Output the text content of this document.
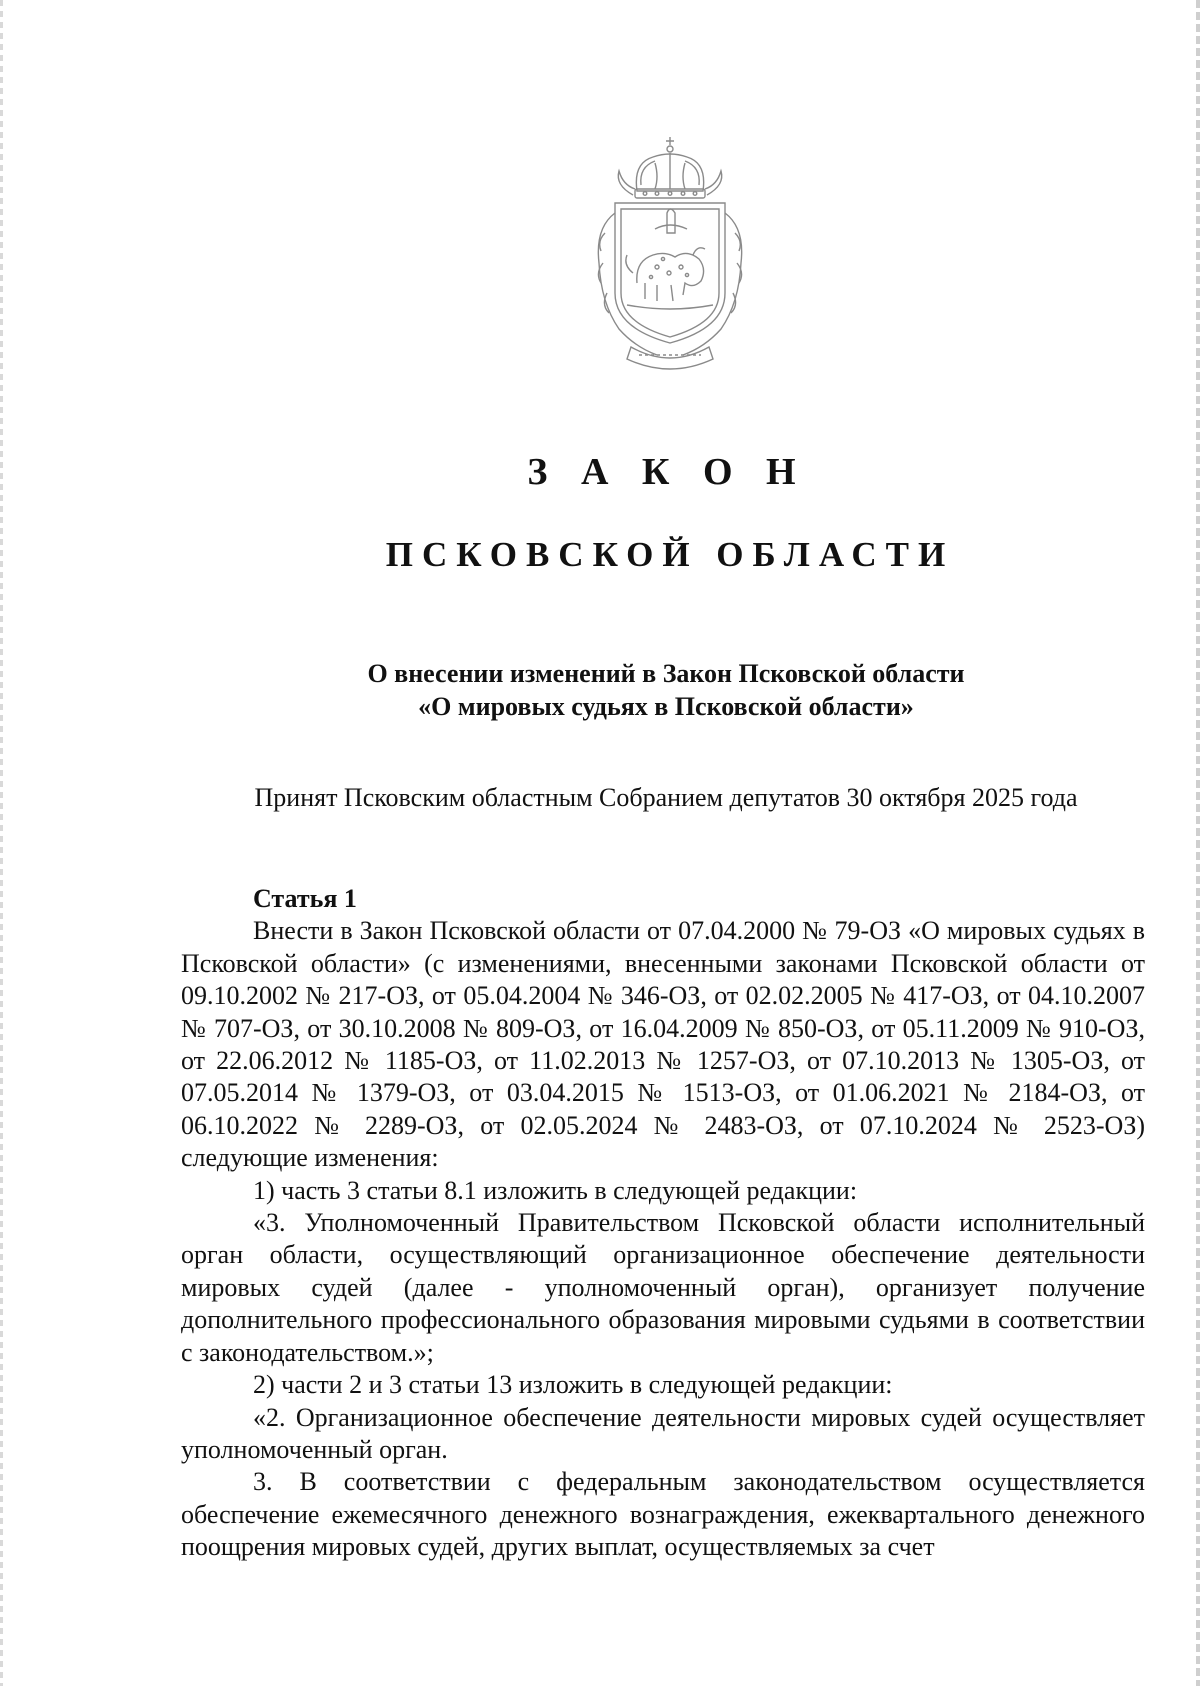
З А К О Н
ПСКОВСКОЙ ОБЛАСТИ
О внесении изменений в Закон Псковской области
«О мировых судьях в Псковской области»

Принят Псковским областным Собранием депутатов 30 октября 2025 года

Статья 1

Внести в Закон Псковской области от 07.04.2000 № 79-ОЗ «О мировых судьях в Псковской области» (с изменениями, внесенными законами Псковской области от 09.10.2002 № 217-ОЗ, от 05.04.2004 № 346-ОЗ, от 02.02.2005 № 417-ОЗ, от 04.10.2007 № 707-ОЗ, от 30.10.2008 № 809-ОЗ, от 16.04.2009 № 850-ОЗ, от 05.11.2009 № 910-ОЗ, от 22.06.2012 № 1185-ОЗ, от 11.02.2013 № 1257-ОЗ, от 07.10.2013 № 1305-ОЗ, от 07.05.2014 № 1379-ОЗ, от 03.04.2015 № 1513-ОЗ, от 01.06.2021 № 2184-ОЗ, от 06.10.2022 № 2289-ОЗ, от 02.05.2024 № 2483-ОЗ, от 07.10.2024 № 2523-ОЗ) следующие изменения:

1) часть 3 статьи 8.1 изложить в следующей редакции:

«3. Уполномоченный Правительством Псковской области исполнительный орган области, осуществляющий организационное обеспечение деятельности мировых судей (далее - уполномоченный орган), организует получение дополнительного профессионального образования мировыми судьями в соответствии с законодательством.»;

2) части 2 и 3 статьи 13 изложить в следующей редакции:

«2. Организационное обеспечение деятельности мировых судей осуществляет уполномоченный орган.

3. В соответствии с федеральным законодательством осуществляется обеспечение ежемесячного денежного вознаграждения, ежеквартального денежного поощрения мировых судей, других выплат, осуществляемых за счет
